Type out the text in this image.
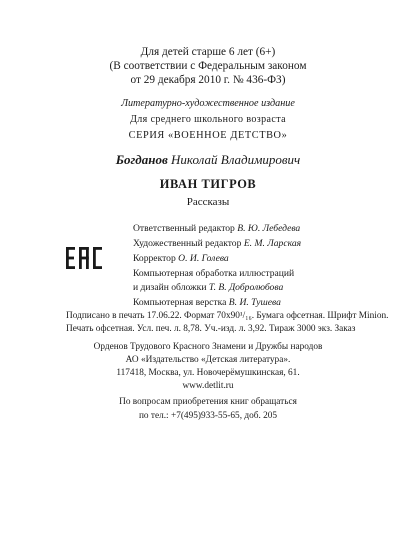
Для детей старше 6 лет (6+)
(В соответствии с Федеральным законом
от 29 декабря 2010 г. № 436-ФЗ)
Литературно-художественное издание
Для среднего школьного возраста
СЕРИЯ «ВОЕННОЕ ДЕТСТВО»
Богданов Николай Владимирович
ИВАН ТИГРОВ
Рассказы
Ответственный редактор В. Ю. Лебедева
Художественный редактор Е. М. Ларская
Корректор О. И. Голева
Компьютерная обработка иллюстраций
и дизайн обложки Т. В. Добролюбова
Компьютерная верстка В. И. Тушева
Подписано в печать 17.06.22. Формат 70х90¹/₁₆. Бумага офсетная. Шрифт Minion.
Печать офсетная. Усл. печ. л. 8,78. Уч.-изд. л. 3,92. Тираж 3000 экз. Заказ
Орденов Трудового Красного Знамени и Дружбы народов
АО «Издательство «Детская литература».
117418, Москва, ул. Новочерёмушкинская, 61.
www.detlit.ru
По вопросам приобретения книг обращаться
по тел.: +7(495)933-55-65, доб. 205
